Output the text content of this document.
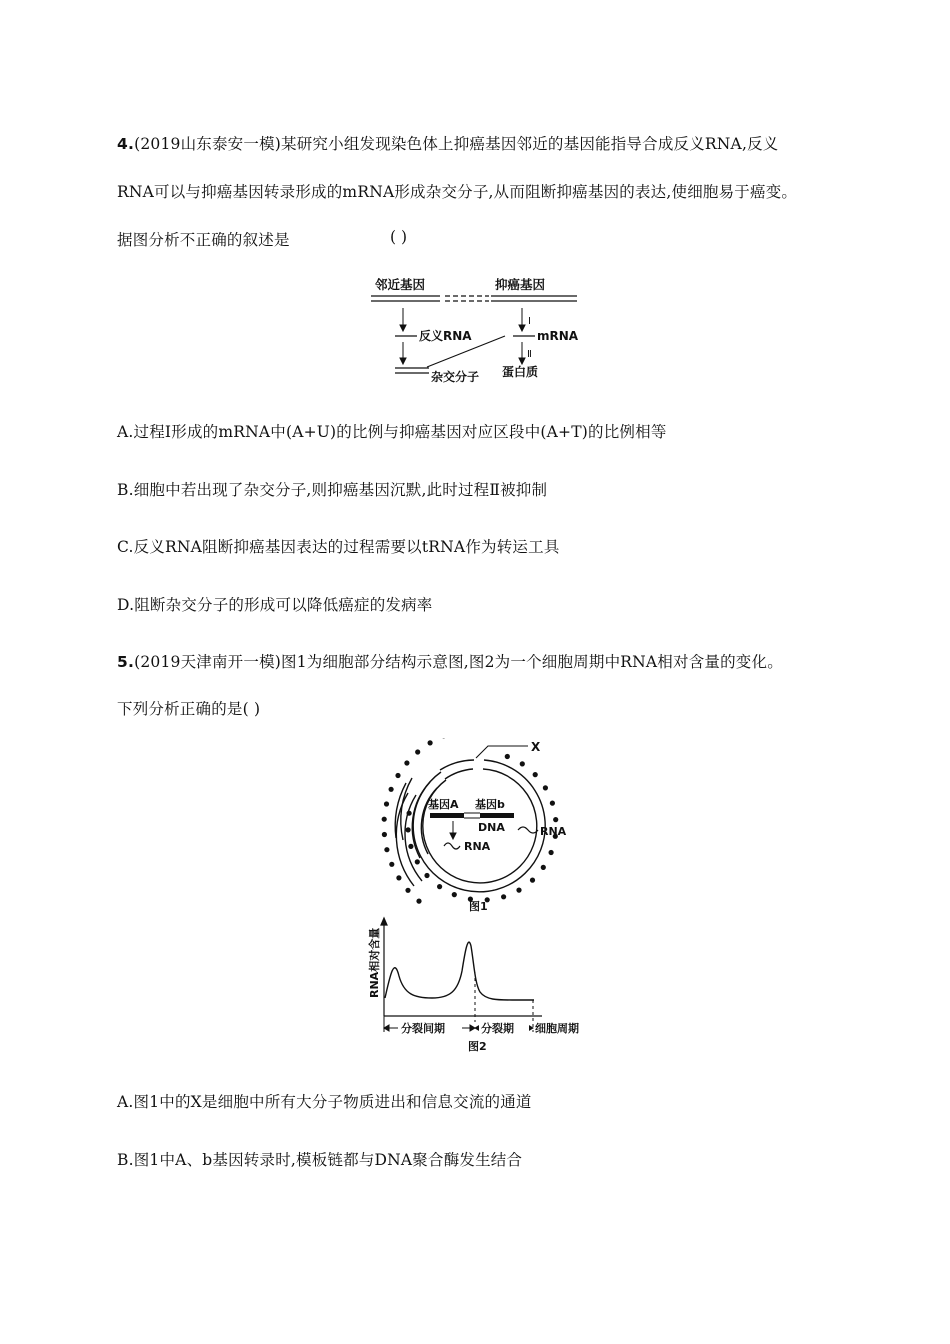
4.(2019山东泰安一模)某研究小组发现染色体上抑癌基因邻近的基因能指导合成反义RNA,反义
RNA可以与抑癌基因转录形成的mRNA形成杂交分子,从而阻断抑癌基因的表达,使细胞易于癌变。
据图分析不正确的叙述是	( )
邻近基因	抑癌基因
反义RNA
I
mRNA
Ⅱ
杂交分子 蛋白质
A.过程Ⅰ形成的mRNA中(A+U)的比例与抑癌基因对应区段中(A+T)的比例相等
B.细胞中若出现了杂交分子,则抑癌基因沉默,此时过程Ⅱ被抑制
C.反义RNA阻断抑癌基因表达的过程需要以tRNA作为转运工具
D.阻断杂交分子的形成可以降低癌症的发病率
5.(2019天津南开一模)图1为细胞部分结构示意图,图2为一个细胞周期中RNA相对含量的变化。
下列分析正确的是( )
X
基因A 基因b
DNA
RNA
RNA
图1
RNA相对含量
分裂间期	分裂期 细胞周期
图2
A.图1中的X是细胞中所有大分子物质进出和信息交流的通道
B.图1中A、b基因转录时,模板链都与DNA聚合酶发生结合
